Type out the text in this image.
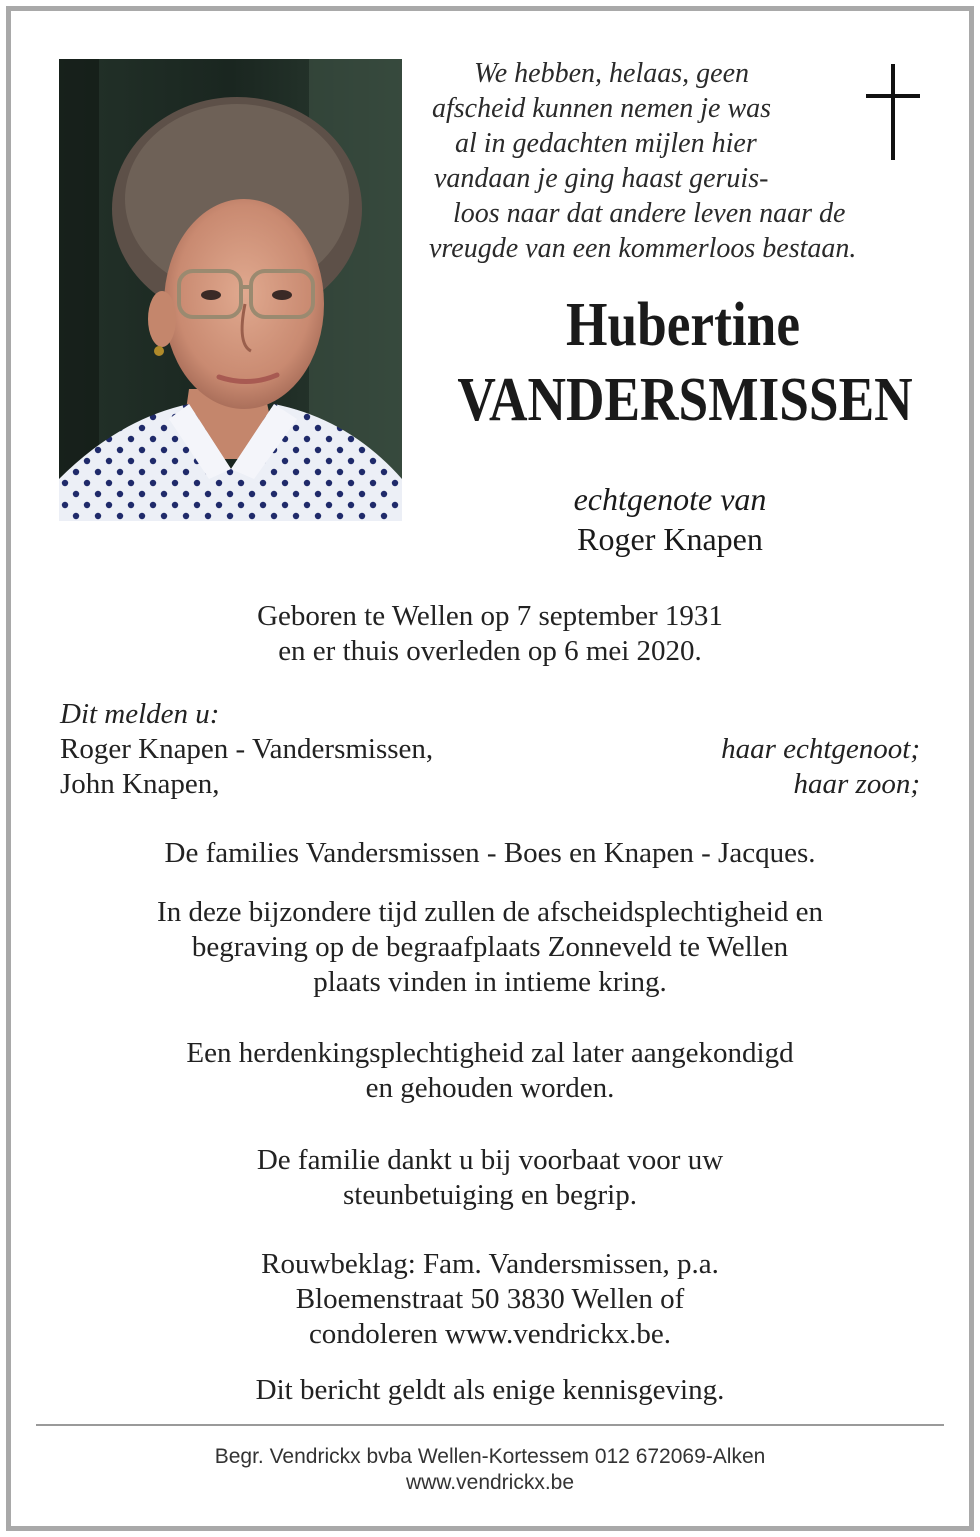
We hebben, helaas, geen
afscheid kunnen nemen je was
al in gedachten mijlen hier
vandaan je ging haast geruis-
loos naar dat andere leven naar de
vreugde van een kommerloos bestaan.
Hubertine
VANDERSMISSEN
echtgenote van
Roger Knapen
Geboren te Wellen op 7 september 1931
en er thuis overleden op 6 mei 2020.
Dit melden u:
Roger Knapen - Vandersmissen,	haar echtgenoot;
John Knapen,	haar zoon;
De families Vandersmissen - Boes en Knapen - Jacques.
In deze bijzondere tijd zullen de afscheidsplechtigheid en
begraving op de begraafplaats Zonneveld te Wellen
plaats vinden in intieme kring.
Een herdenkingsplechtigheid zal later aangekondigd
en gehouden worden.
De familie dankt u bij voorbaat voor uw
steunbetuiging en begrip.
Rouwbeklag: Fam. Vandersmissen, p.a.
Bloemenstraat 50 3830 Wellen of
condoleren www.vendrickx.be.
Dit bericht geldt als enige kennisgeving.
Begr. Vendrickx bvba Wellen-Kortessem 012 672069-Alken
www.vendrickx.be
